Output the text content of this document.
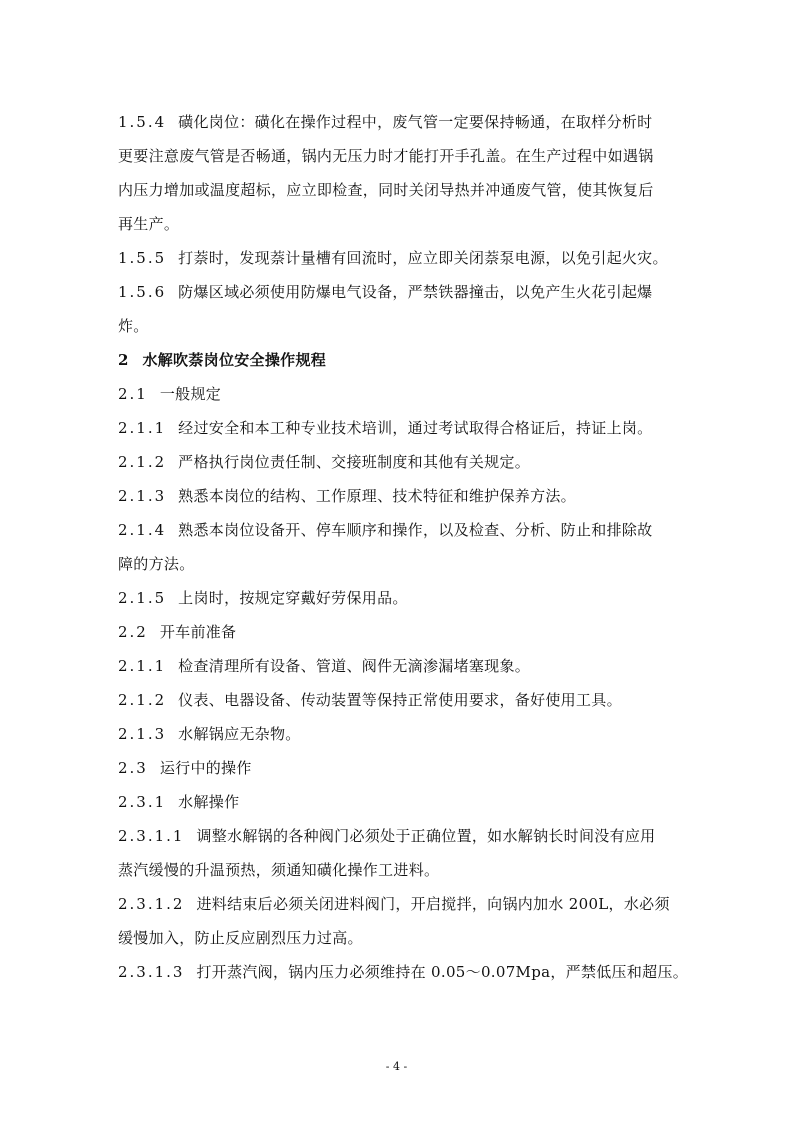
1.5.4 磺化岗位：磺化在操作过程中，废气管一定要保持畅通，在取样分析时
更要注意废气管是否畅通，锅内无压力时才能打开手孔盖。在生产过程中如遇锅
内压力增加或温度超标，应立即检查，同时关闭导热并冲通废气管，使其恢复后
再生产。
1.5.5 打萘时，发现萘计量槽有回流时，应立即关闭萘泵电源，以免引起火灾。
1.5.6 防爆区域必须使用防爆电气设备，严禁铁器撞击，以免产生火花引起爆
炸。
2 水解吹萘岗位安全操作规程
2.1 一般规定
2.1.1 经过安全和本工种专业技术培训，通过考试取得合格证后，持证上岗。
2.1.2 严格执行岗位责任制、交接班制度和其他有关规定。
2.1.3 熟悉本岗位的结构、工作原理、技术特征和维护保养方法。
2.1.4 熟悉本岗位设备开、停车顺序和操作，以及检查、分析、防止和排除故
障的方法。
2.1.5 上岗时，按规定穿戴好劳保用品。
2.2 开车前准备
2.1.1 检查清理所有设备、管道、阀件无滴渗漏堵塞现象。
2.1.2 仪表、电器设备、传动装置等保持正常使用要求，备好使用工具。
2.1.3 水解锅应无杂物。
2.3 运行中的操作
2.3.1 水解操作
2.3.1.1 调整水解锅的各种阀门必须处于正确位置，如水解钠长时间没有应用
蒸汽缓慢的升温预热，须通知磺化操作工进料。
2.3.1.2 进料结束后必须关闭进料阀门，开启搅拌，向锅内加水 200L，水必须
缓慢加入，防止反应剧烈压力过高。
2.3.1.3 打开蒸汽阀，锅内压力必须维持在 0.05～0.07Mpa，严禁低压和超压。
- 4 -
